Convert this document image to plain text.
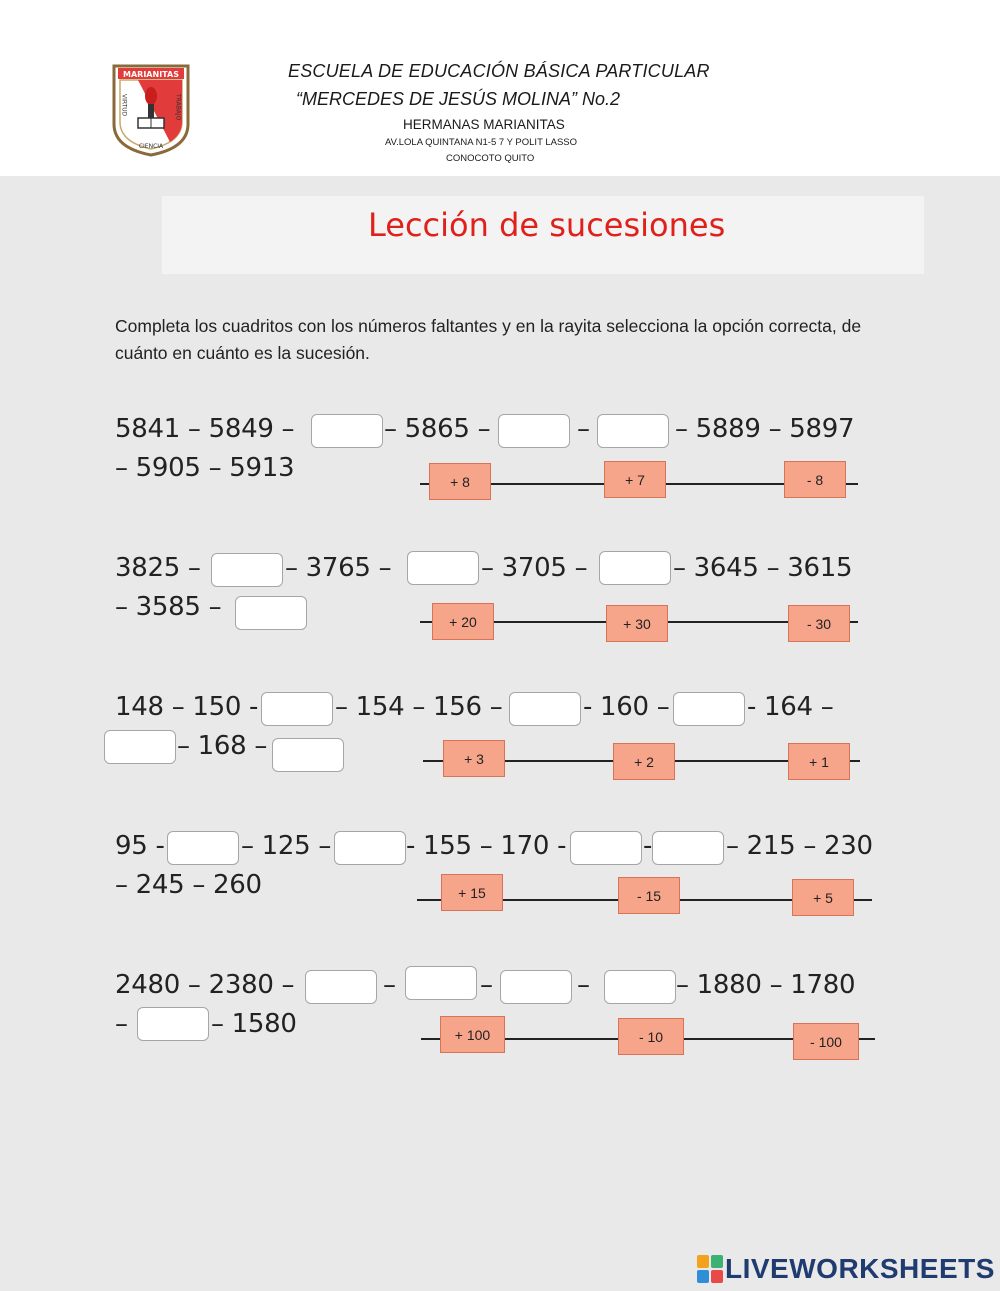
MARIANITAS
VIRTUD	TRABAJO
CIENCIA
ESCUELA DE EDUCACIÓN BÁSICA PARTICULAR
“MERCEDES DE JESÚS MOLINA” No.2
HERMANAS MARIANITAS
AV.LOLA QUINTANA N1-5 7 Y POLIT LASSO
CONOCOTO QUITO
Lección de sucesiones
Completa los cuadritos con los números faltantes y en la rayita selecciona la opción correcta, de cuánto en cuánto es la sucesión.
5841 – 5849 –	– 5865 –	–	– 5889 – 5897
– 5905 – 5913	+ 8	+ 7	- 8
3825 –	– 3765 –	– 3705 –	– 3645 – 3615
– 3585 –	+ 20	+ 30	- 30
148 – 150 -	– 154 – 156 –	- 160 –	- 164 –
– 168 –	+ 3	+ 2	+ 1
95 -	– 125 –	- 155 – 170 -	-	– 215 – 230
– 245 – 260	+ 15	- 15	+ 5
2480 – 2380 –	–	–	–	– 1880 – 1780
–	– 1580	+ 100	- 10	- 100
LIVEWORKSHEETS
